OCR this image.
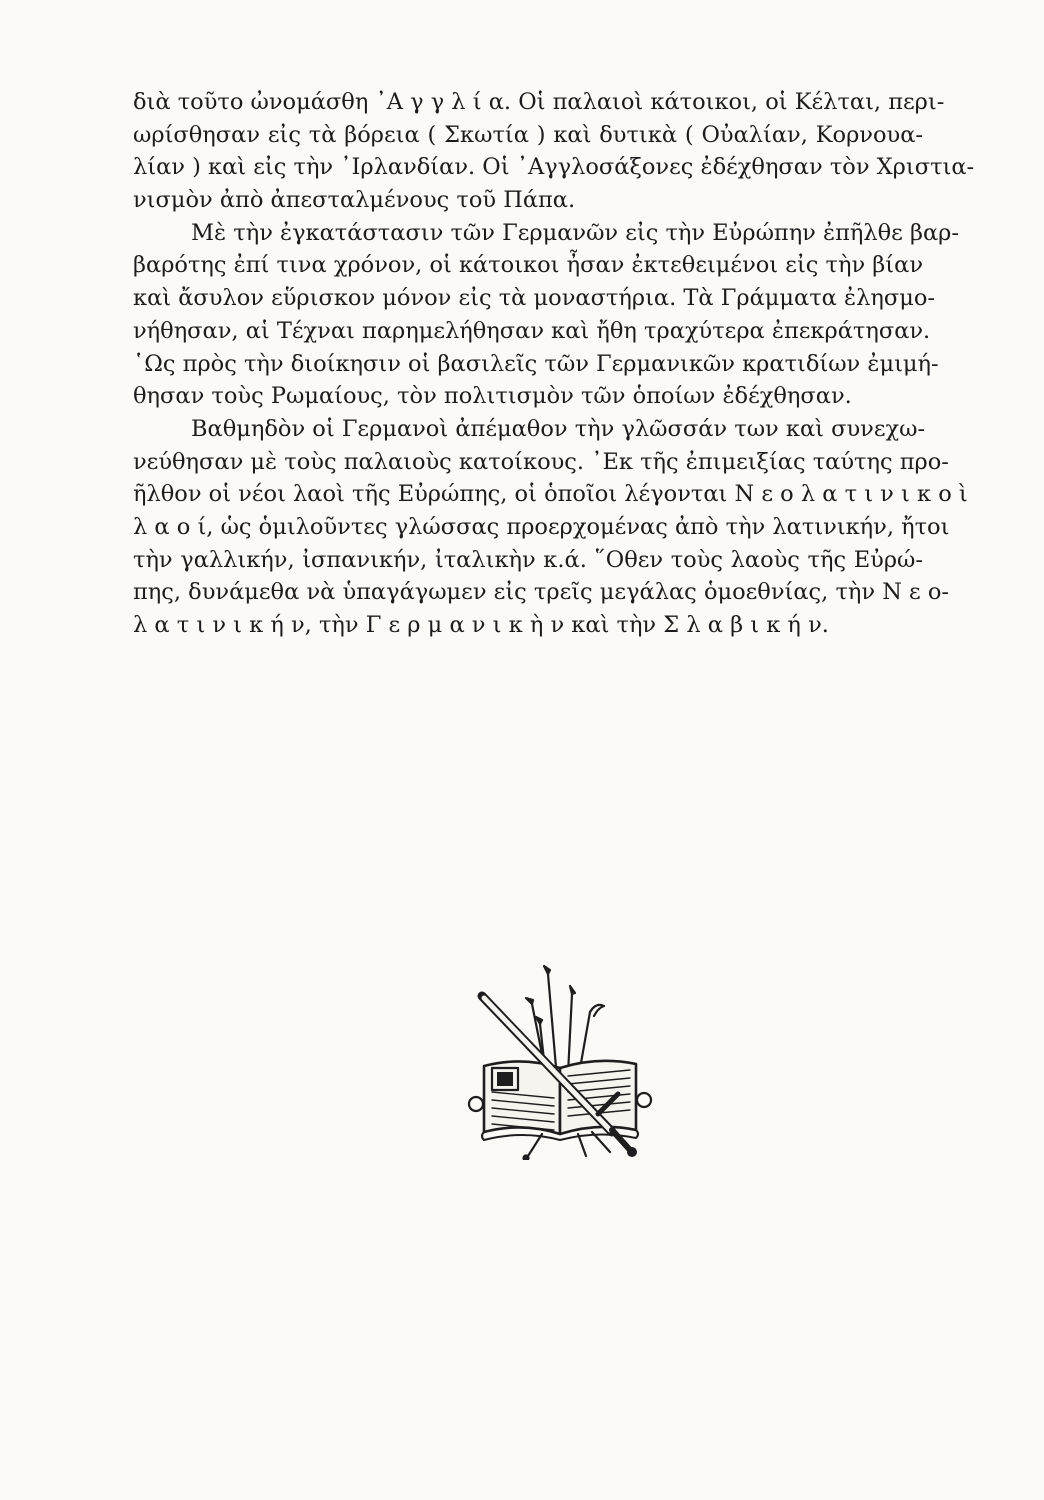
διὰ τοῦτο ὠνομάσθη ᾿Α γ γ λ ί α. Οἱ παλαιοὶ κάτοικοι, οἱ Κέλται, περι-
ωρίσθησαν εἰς τὰ βόρεια ( Σκωτία ) καὶ δυτικὰ ( Οὐαλίαν, Κορνουα-
λίαν ) καὶ εἰς τὴν ᾿Ιρλανδίαν. Οἱ ᾿Αγγλοσάξονες ἐδέχθησαν τὸν Χριστια-
νισμὸν ἀπὸ ἀπεσταλμένους τοῦ Πάπα.
Μὲ τὴν ἐγκατάστασιν τῶν Γερμανῶν εἰς τὴν Εὐρώπην ἐπῆλθε βαρ-
βαρότης ἐπί τινα χρόνον, οἱ κάτοικοι ἦσαν ἐκτεθειμένοι εἰς τὴν βίαν
καὶ ἄσυλον εὕρισκον μόνον εἰς τὰ μοναστήρια. Τὰ Γράμματα ἐλησμο-
νήθησαν, αἱ Τέχναι παρημελήθησαν καὶ ἤθη τραχύτερα ἐπεκράτησαν.
῾Ως πρὸς τὴν διοίκησιν οἱ βασιλεῖς τῶν Γερμανικῶν κρατιδίων ἐμιμή-
θησαν τοὺς Ρωμαίους, τὸν πολιτισμὸν τῶν ὁποίων ἐδέχθησαν.
Βαθμηδὸν οἱ Γερμανοὶ ἀπέμαθον τὴν γλῶσσάν των καὶ συνεχω-
νεύθησαν μὲ τοὺς παλαιοὺς κατοίκους. ᾿Εκ τῆς ἐπιμειξίας ταύτης προ-
ῆλθον οἱ νέοι λαοὶ τῆς Εὐρώπης, οἱ ὁποῖοι λέγονται Ν ε ο λ α τ ι ν ι κ ο ὶ
λ α ο ί, ὡς ὁμιλοῦντες γλώσσας προερχομένας ἀπὸ τὴν λατινικήν, ἤτοι
τὴν γαλλικήν, ἰσπανικήν, ἰταλικὴν κ.ά. ῞Οθεν τοὺς λαοὺς τῆς Εὐρώ-
πης, δυνάμεθα νὰ ὑπαγάγωμεν εἰς τρεῖς μεγάλας ὁμοεθνίας, τὴν Ν ε ο-
λ α τ ι ν ι κ ή ν, τὴν Γ ε ρ μ α ν ι κ ὴ ν καὶ τὴν Σ λ α β ι κ ή ν.
